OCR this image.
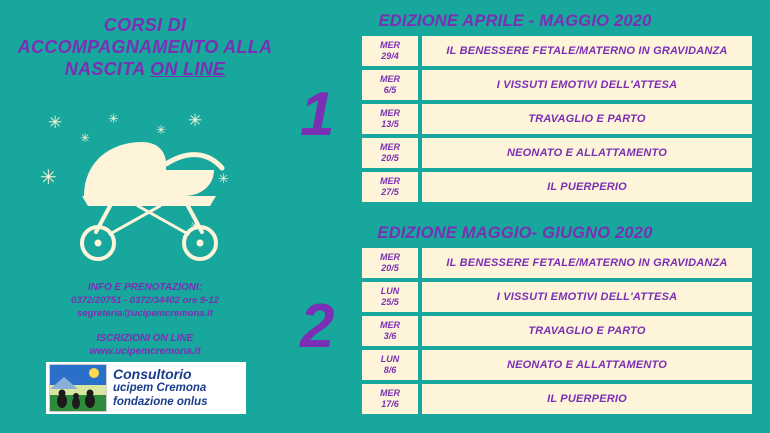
CORSI DI
ACCOMPAGNAMENTO ALLA
NASCITA ON LINE
✳
✳
✳
✳ ✳
✳	✳
✳
INFO E PRENOTAZIONI:
0372/20751 - 0372/34402 ore 9-12
segreteria@ucipemcremona.it
ISCRIZIONI ON LINE
www.ucipemcremona.it
Consultorio
ucipem Cremona
fondazione onlus
EDIZIONE APRILE - MAGGIO 2020
1
MER
29/4	IL BENESSERE FETALE/MATERNO IN GRAVIDANZA
MER
6/5	I VISSUTI EMOTIVI DELL'ATTESA
MER
13/5	TRAVAGLIO E PARTO
MER
20/5	NEONATO E ALLATTAMENTO
MER
27/5	IL PUERPERIO
EDIZIONE MAGGIO- GIUGNO 2020
2
MER
20/5	IL BENESSERE FETALE/MATERNO IN GRAVIDANZA
LUN
25/5	I VISSUTI EMOTIVI DELL'ATTESA
MER
3/6	TRAVAGLIO E PARTO
LUN
8/6	NEONATO E ALLATTAMENTO
MER
17/6	IL PUERPERIO
